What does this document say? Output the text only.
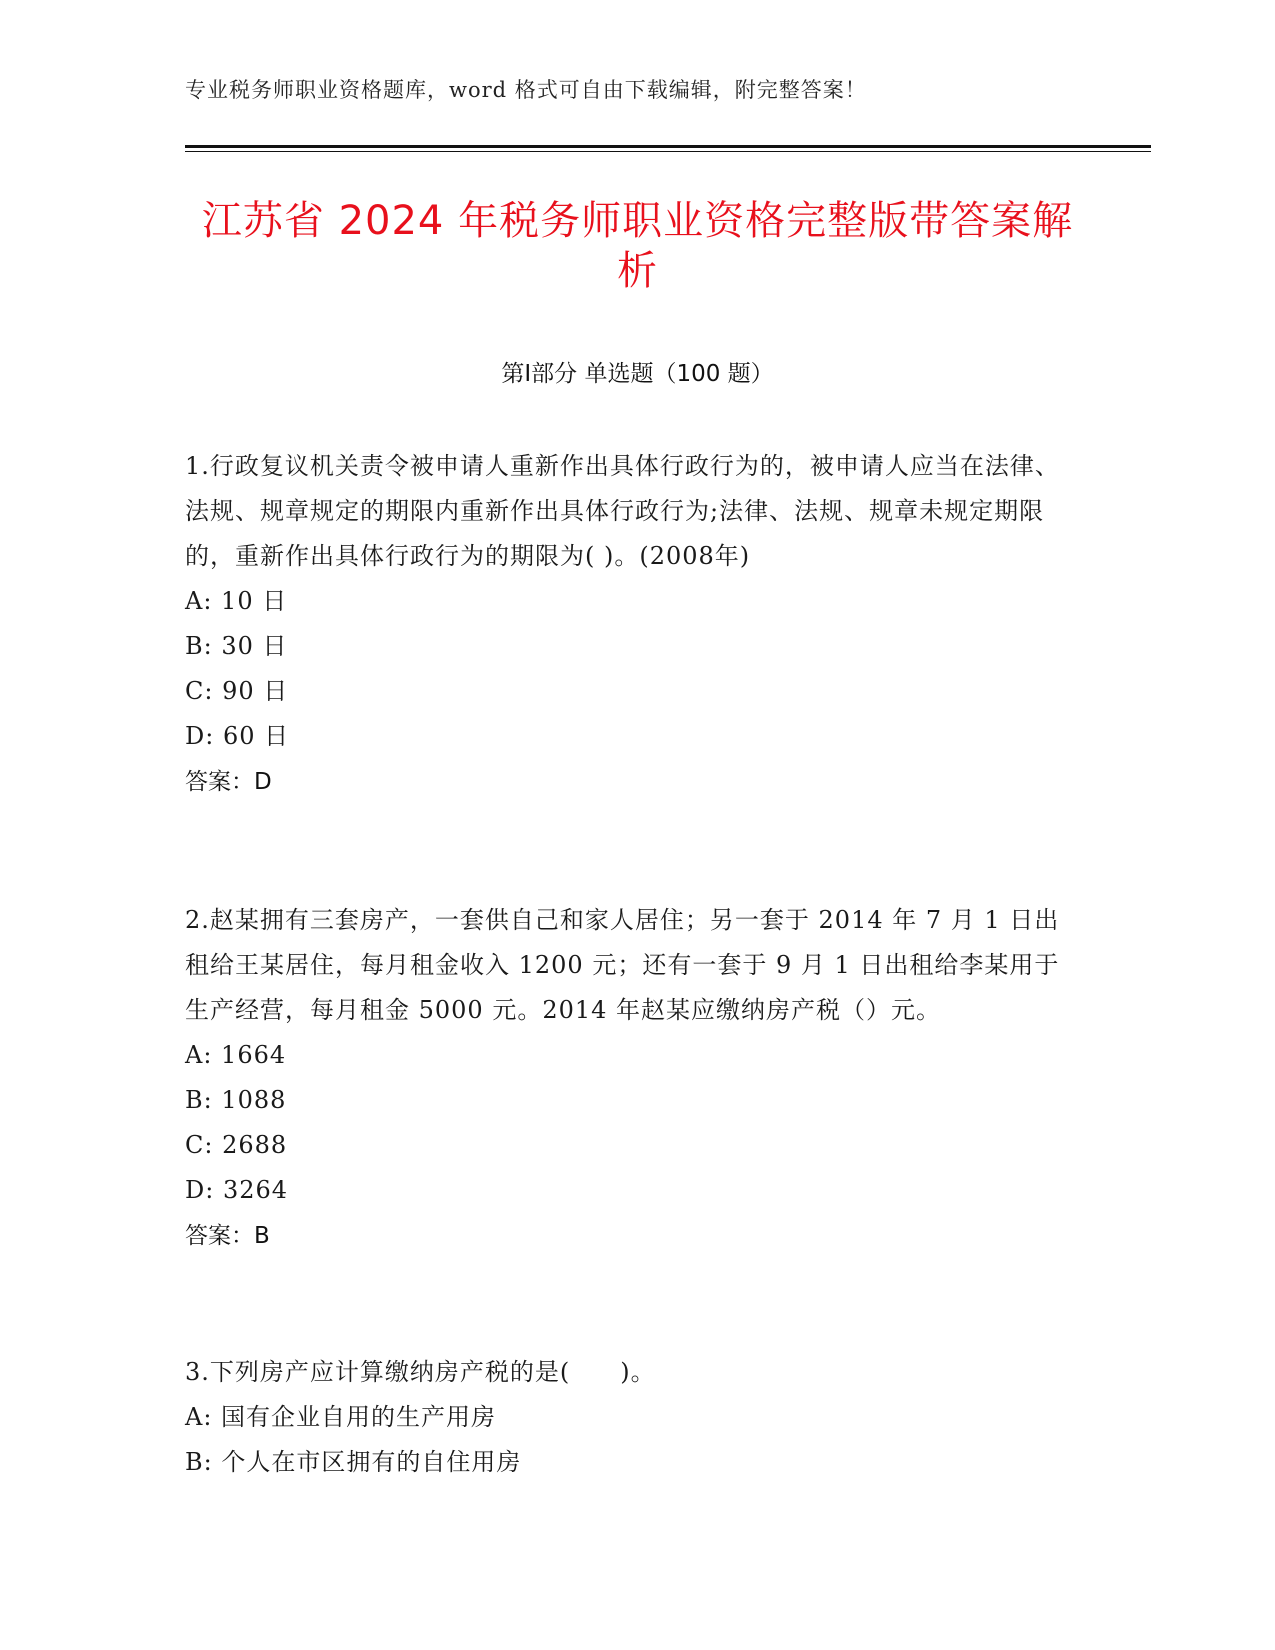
专业税务师职业资格题库，word 格式可自由下载编辑，附完整答案！
江苏省 2024 年税务师职业资格完整版带答案解析
第Ⅰ部分 单选题（100 题）

1.行政复议机关责令被申请人重新作出具体行政行为的，被申请人应当在法律、法规、规章规定的期限内重新作出具体行政行为;法律、法规、规章未规定期限的，重新作出具体行政行为的期限为( )。(2008年)

A: 10 日

B: 30 日

C: 90 日

D: 60 日

答案：D

2.赵某拥有三套房产，一套供自己和家人居住；另一套于 2014 年 7 月 1 日出租给王某居住，每月租金收入 1200 元；还有一套于 9 月 1 日出租给李某用于生产经营，每月租金 5000 元。2014 年赵某应缴纳房产税（）元。

A: 1664

B: 1088

C: 2688

D: 3264

答案：B

3.下列房产应计算缴纳房产税的是(　　)。

A: 国有企业自用的生产用房

B: 个人在市区拥有的自住用房
